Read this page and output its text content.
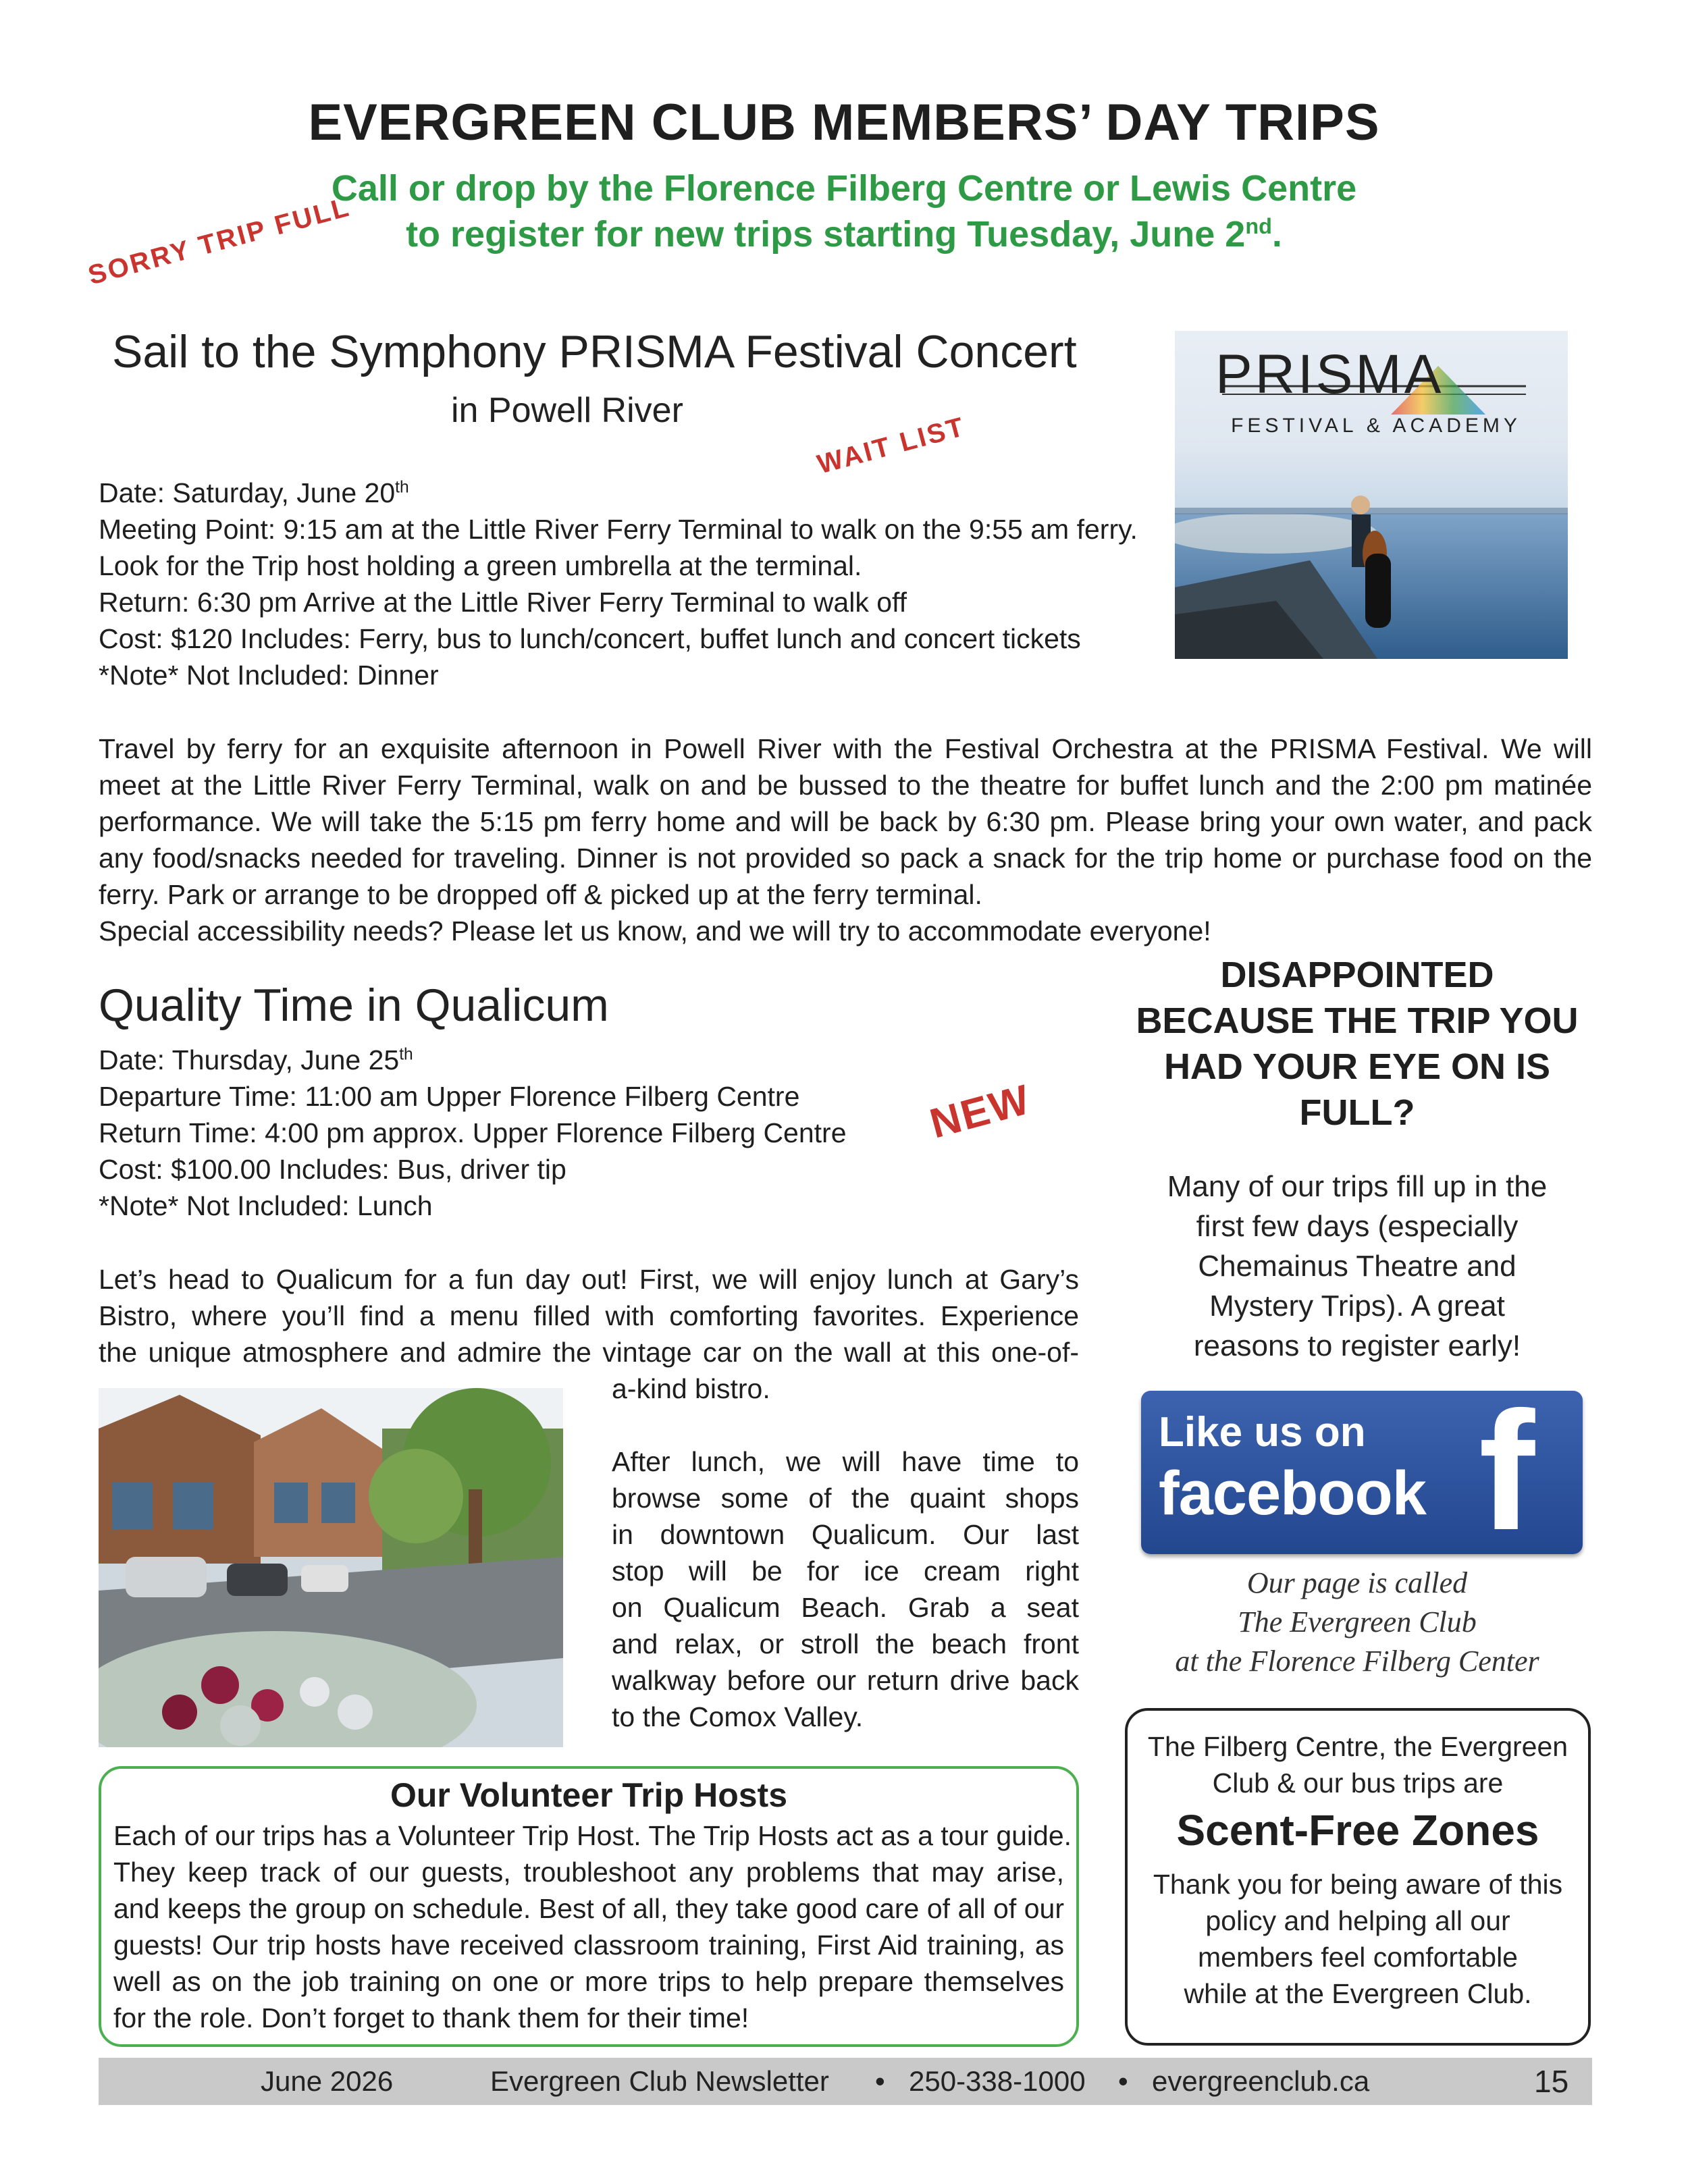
EVERGREEN CLUB MEMBERS’ DAY TRIPS
Call or drop by the Florence Filberg Centre or Lewis Centre
to register for new trips starting Tuesday, June 2nd.
SORRY TRIP FULL
Sail to the Symphony PRISMA Festival Concert
in Powell River
WAIT LIST
Date: Saturday, June 20th
Meeting Point: 9:15 am at the Little River Ferry Terminal to walk on the 9:55 am ferry.
Look for the Trip host holding a green umbrella at the terminal.
Return: 6:30 pm Arrive at the Little River Ferry Terminal to walk off
Cost: $120 Includes: Ferry, bus to lunch/concert, buffet lunch and concert tickets
*Note* Not Included: Dinner
PRISMA
FESTIVAL & ACADEMY
Travel by ferry for an exquisite afternoon in Powell River with the Festival Orchestra at the PRISMA Festival. We will
meet at the Little River Ferry Terminal, walk on and be bussed to the theatre for buffet lunch and the 2:00 pm matinée
performance. We will take the 5:15 pm ferry home and will be back by 6:30 pm. Please bring your own water, and pack
any food/snacks needed for traveling. Dinner is not provided so pack a snack for the trip home or purchase food on the
ferry. Park or arrange to be dropped off & picked up at the ferry terminal.
Special accessibility needs? Please let us know, and we will try to accommodate everyone!
Quality Time in Qualicum
NEW
Date: Thursday, June 25th
Departure Time: 11:00 am Upper Florence Filberg Centre
Return Time: 4:00 pm approx. Upper Florence Filberg Centre
Cost: $100.00 Includes: Bus, driver tip
*Note* Not Included: Lunch
Let’s head to Qualicum for a fun day out! First, we will enjoy lunch at Gary’s
Bistro, where you’ll find a menu filled with comforting favorites. Experience
the unique atmosphere and admire the vintage car on the wall at this one-of-
a-kind bistro.
After lunch, we will have time to
browse some of the quaint shops
in downtown Qualicum. Our last
stop will be for ice cream right
on Qualicum Beach. Grab a seat
and relax, or stroll the beach front
walkway before our return drive back
to the Comox Valley.
Our Volunteer Trip Hosts
Each of our trips has a Volunteer Trip Host. The Trip Hosts act as a tour guide.
They keep track of our guests, troubleshoot any problems that may arise,
and keeps the group on schedule. Best of all, they take good care of all of our
guests! Our trip hosts have received classroom training, First Aid training, as
well as on the job training on one or more trips to help prepare themselves
for the role. Don’t forget to thank them for their time!
DISAPPOINTED
BECAUSE THE TRIP YOU
HAD YOUR EYE ON IS
FULL?
Many of our trips fill up in the
first few days (especially
Chemainus Theatre and
Mystery Trips). A great
reasons to register early!
Like us on
facebook f
Our page is called
The Evergreen Club
at the Florence Filberg Center
The Filberg Centre, the Evergreen
Club & our bus trips are
Scent-Free Zones
Thank you for being aware of this
policy and helping all our
members feel comfortable
while at the Evergreen Club.
June 2026	Evergreen Club Newsletter • 250-338-1000 • evergreenclub.ca	15
